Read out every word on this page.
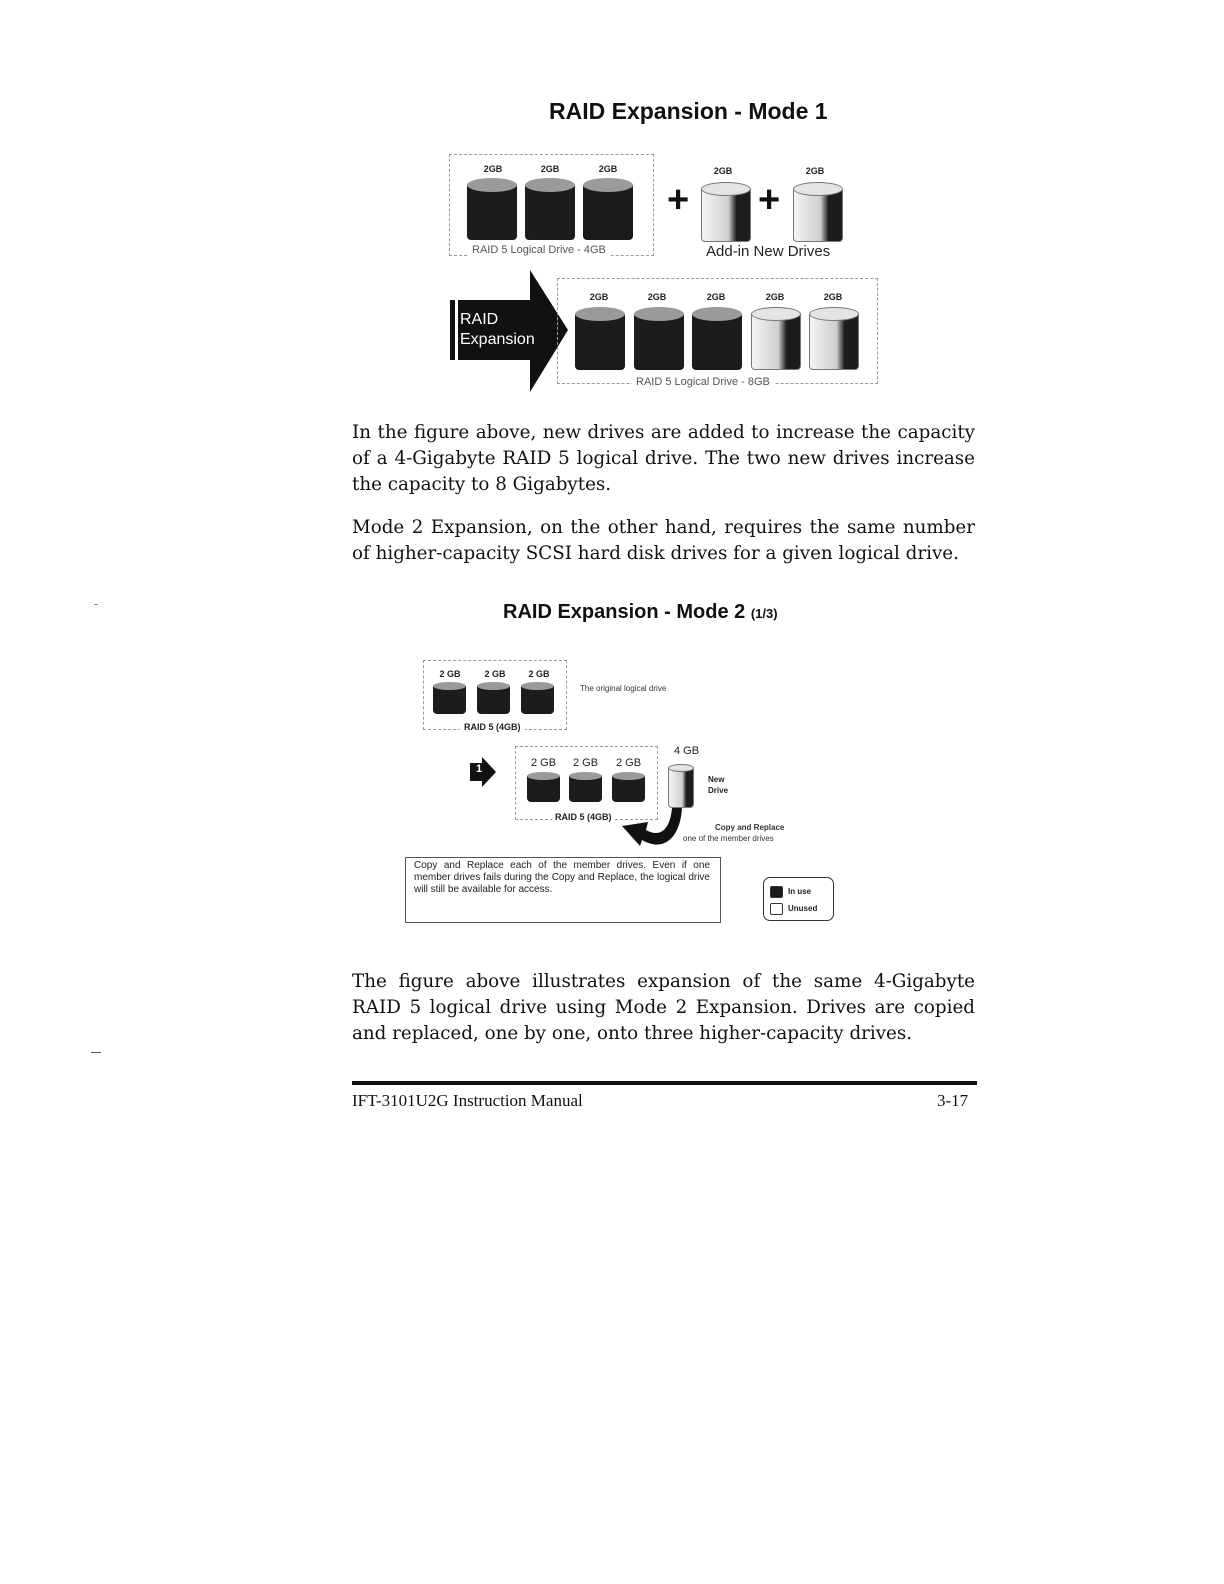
RAID Expansion - Mode 1
2GB	2GB	2GB
RAID 5 Logical Drive - 4GB
+
2GB
+
2GB
Add-in New Drives
RAID
Expansion
2GB	2GB	2GB	2GB	2GB
RAID 5 Logical Drive - 8GB
In the figure above, new drives are added to increase the capacity of a 4-Gigabyte RAID 5 logical drive. The two new drives increase the capacity to 8 Gigabytes.
Mode 2 Expansion, on the other hand, requires the same number of higher-capacity SCSI hard disk drives for a given logical drive.
RAID Expansion - Mode 2 (1/3)
2 GB	2 GB	2 GB
The original logical drive
RAID 5 (4GB)
1	2 GB 2 GB 2 GB
RAID 5 (4GB)
4 GB
New
Drive
Copy and Replace
one of the member drives
Copy and Replace each of the member drives. Even if one member drives fails during the Copy and Replace, the logical drive will still be available for access.	In use
Unused
The figure above illustrates expansion of the same 4-Gigabyte RAID 5 logical drive using Mode 2 Expansion. Drives are copied and replaced, one by one, onto three higher-capacity drives.
IFT-3101U2G Instruction Manual	3-17
